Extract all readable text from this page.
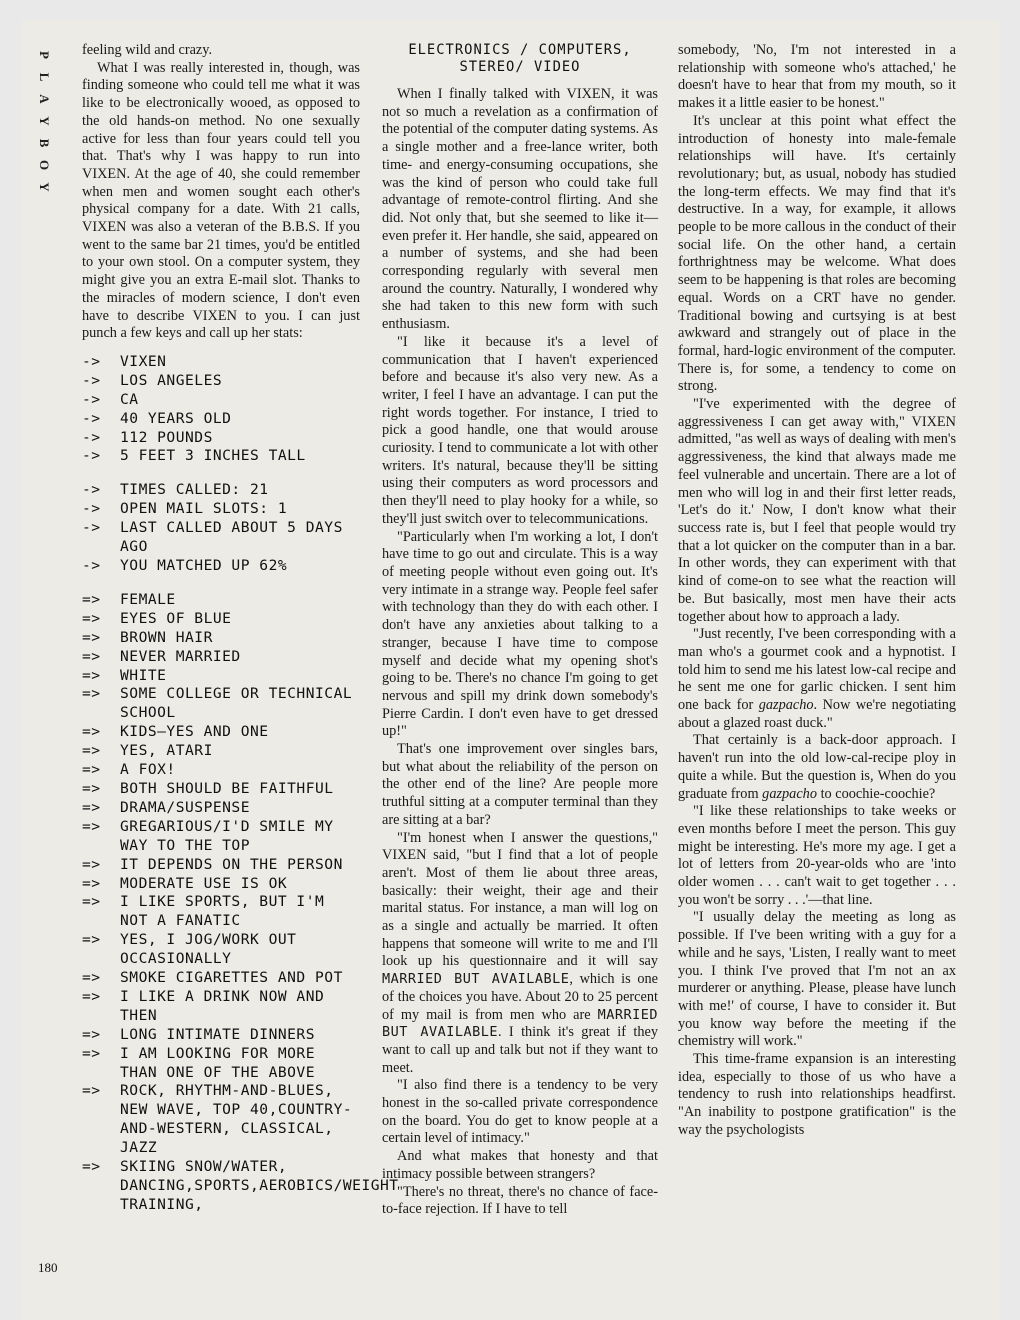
P
L
A
Y
B
O
Y
180

feeling wild and crazy.

What I was really interested in, though, was finding someone who could tell me what it was like to be electronically wooed, as opposed to the old hands-on method. No one sexually active for less than four years could tell you that. That's why I was happy to run into VIXEN. At the age of 40, she could remember when men and women sought each other's physical company for a date. With 21 calls, VIXEN was also a veteran of the B.B.S. If you went to the same bar 21 times, you'd be entitled to your own stool. On a computer system, they might give you an extra E-mail slot. Thanks to the miracles of modern science, I don't even have to describe VIXEN to you. I can just punch a few keys and call up her stats:

-> VIXEN
-> LOS ANGELES
-> CA
-> 40 YEARS OLD
-> 112 POUNDS
-> 5 FEET 3 INCHES TALL
-> TIMES CALLED: 21
-> OPEN MAIL SLOTS: 1
-> LAST CALLED ABOUT 5 DAYS AGO
-> YOU MATCHED UP 62%
=> FEMALE
=> EYES OF BLUE
=> BROWN HAIR
=> NEVER MARRIED
=> WHITE
=> SOME COLLEGE OR TECHNICAL SCHOOL
=> KIDS—YES AND ONE
=> YES, ATARI
=> A FOX!
=> BOTH SHOULD BE FAITHFUL
=> DRAMA/SUSPENSE
=> GREGARIOUS/I'D SMILE MY WAY TO THE TOP
=> IT DEPENDS ON THE PERSON
=> MODERATE USE IS OK
=> I LIKE SPORTS, BUT I'M NOT A FANATIC
=> YES, I JOG/WORK OUT OCCASIONALLY
=> SMOKE CIGARETTES AND POT
=> I LIKE A DRINK NOW AND THEN
=> LONG INTIMATE DINNERS
=> I AM LOOKING FOR MORE THAN ONE OF THE ABOVE
=> ROCK, RHYTHM-AND-BLUES, NEW WAVE, TOP 40,COUNTRY-AND-WESTERN, CLASSICAL, JAZZ
=> SKIING SNOW/WATER, DANCING,SPORTS,AEROBICS/WEIGHT TRAINING,
ELECTRONICS / COMPUTERS, STEREO/ VIDEO

When I finally talked with VIXEN, it was not so much a revelation as a confirmation of the potential of the computer dating systems. As a single mother and a free-lance writer, both time- and energy-consuming occupations, she was the kind of person who could take full advantage of remote-control flirting. And she did. Not only that, but she seemed to like it—even prefer it. Her handle, she said, appeared on a number of systems, and she had been corresponding regularly with several men around the country. Naturally, I wondered why she had taken to this new form with such enthusiasm.

"I like it because it's a level of communication that I haven't experienced before and because it's also very new. As a writer, I feel I have an advantage. I can put the right words together. For instance, I tried to pick a good handle, one that would arouse curiosity. I tend to communicate a lot with other writers. It's natural, because they'll be sitting using their computers as word processors and then they'll need to play hooky for a while, so they'll just switch over to telecommunications.

"Particularly when I'm working a lot, I don't have time to go out and circulate. This is a way of meeting people without even going out. It's very intimate in a strange way. People feel safer with technology than they do with each other. I don't have any anxieties about talking to a stranger, because I have time to compose myself and decide what my opening shot's going to be. There's no chance I'm going to get nervous and spill my drink down somebody's Pierre Cardin. I don't even have to get dressed up!"

That's one improvement over singles bars, but what about the reliability of the person on the other end of the line? Are people more truthful sitting at a computer terminal than they are sitting at a bar?

"I'm honest when I answer the questions," VIXEN said, "but I find that a lot of people aren't. Most of them lie about three areas, basically: their weight, their age and their marital status. For instance, a man will log on as a single and actually be married. It often happens that someone will write to me and I'll look up his questionnaire and it will say MARRIED BUT AVAILABLE, which is one of the choices you have. About 20 to 25 percent of my mail is from men who are MARRIED BUT AVAILABLE. I think it's great if they want to call up and talk but not if they want to meet.

"I also find there is a tendency to be very honest in the so-called private correspondence on the board. You do get to know people at a certain level of intimacy."

And what makes that honesty and that intimacy possible between strangers?

"There's no threat, there's no chance of face-to-face rejection. If I have to tell

somebody, 'No, I'm not interested in a relationship with someone who's attached,' he doesn't have to hear that from my mouth, so it makes it a little easier to be honest."

It's unclear at this point what effect the introduction of honesty into male-female relationships will have. It's certainly revolutionary; but, as usual, nobody has studied the long-term effects. We may find that it's destructive. In a way, for example, it allows people to be more callous in the conduct of their social life. On the other hand, a certain forthrightness may be welcome. What does seem to be happening is that roles are becoming equal. Words on a CRT have no gender. Traditional bowing and curtsying is at best awkward and strangely out of place in the formal, hard-logic environment of the computer. There is, for some, a tendency to come on strong.

"I've experimented with the degree of aggressiveness I can get away with," VIXEN admitted, "as well as ways of dealing with men's aggressiveness, the kind that always made me feel vulnerable and uncertain. There are a lot of men who will log in and their first letter reads, 'Let's do it.' Now, I don't know what their success rate is, but I feel that people would try that a lot quicker on the computer than in a bar. In other words, they can experiment with that kind of come-on to see what the reaction will be. But basically, most men have their acts together about how to approach a lady.

"Just recently, I've been corresponding with a man who's a gourmet cook and a hypnotist. I told him to send me his latest low-cal recipe and he sent me one for garlic chicken. I sent him one back for gazpacho. Now we're negotiating about a glazed roast duck."

That certainly is a back-door approach. I haven't run into the old low-cal-recipe ploy in quite a while. But the question is, When do you graduate from gazpacho to coochie-coochie?

"I like these relationships to take weeks or even months before I meet the person. This guy might be interesting. He's more my age. I get a lot of letters from 20-year-olds who are 'into older women . . . can't wait to get together . . . you won't be sorry . . .'—that line.

"I usually delay the meeting as long as possible. If I've been writing with a guy for a while and he says, 'Listen, I really want to meet you. I think I've proved that I'm not an ax murderer or anything. Please, please have lunch with me!' of course, I have to consider it. But you know way before the meeting if the chemistry will work."

This time-frame expansion is an interesting idea, especially to those of us who have a tendency to rush into relationships headfirst. "An inability to postpone gratification" is the way the psychologists
